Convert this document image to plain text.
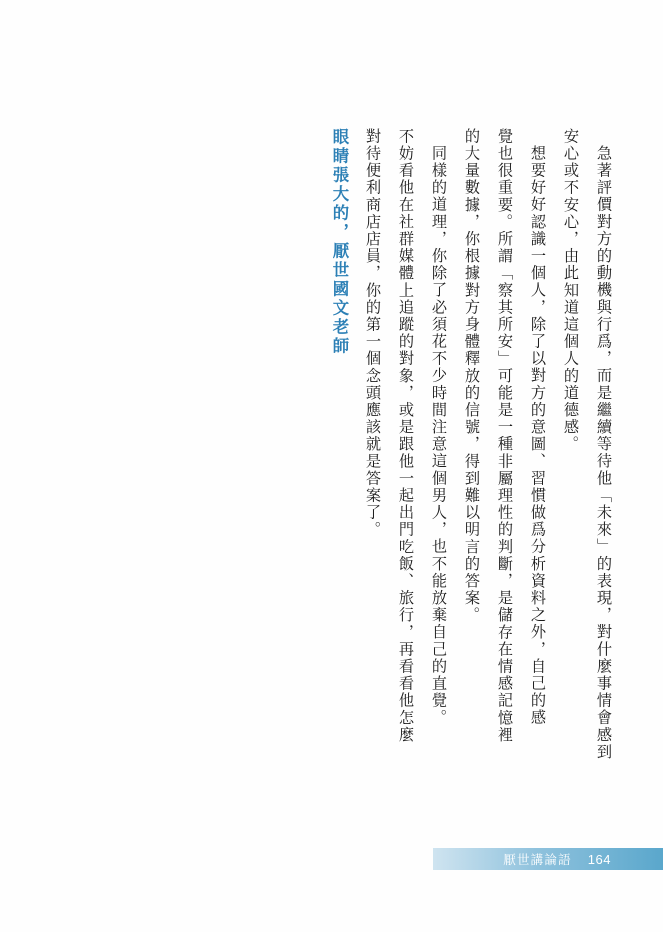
急著評價對方的動機與行爲，而是繼續等待他「未來」的表現，對什麼事情會感到
安心或不安心，由此知道這個人的道德感。
想要好好認識一個人，除了以對方的意圖、習慣做爲分析資料之外，自己的感
覺也很重要。所謂「察其所安」可能是一種非屬理性的判斷，是儲存在情感記憶裡
的大量數據，你根據對方身體釋放的信號，得到難以明言的答案。
同樣的道理，你除了必須花不少時間注意這個男人，也不能放棄自己的直覺。
不妨看他在社群媒體上追蹤的對象，或是跟他一起出門吃飯、旅行，再看看他怎麼
對待便利商店店員，你的第一個念頭應該就是答案了。
眼睛張大的，厭世國文老師
厭世講論語 164
